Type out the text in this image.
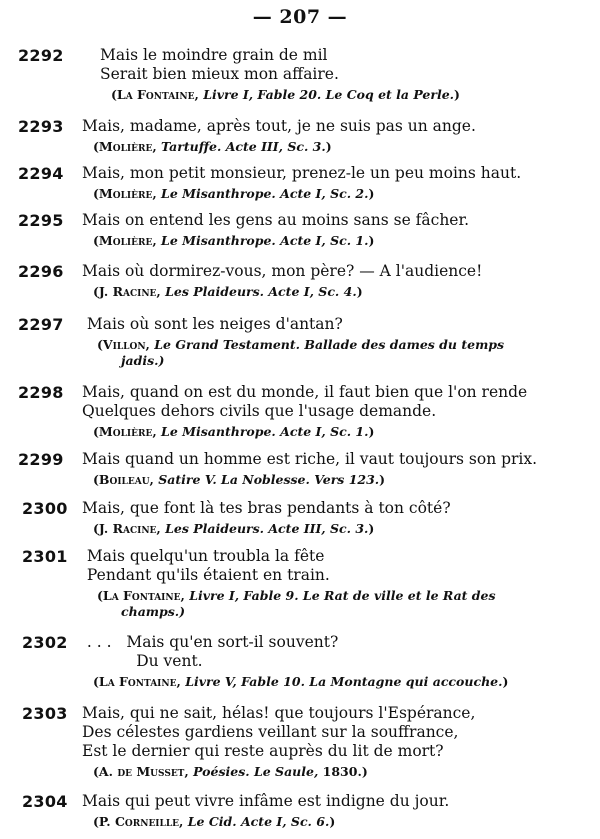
— 207 —
2292 Mais le moindre grain de mil
Serait bien mieux mon affaire.
(La Fontaine, Livre I, Fable 20. Le Coq et la Perle.)
2293 Mais, madame, après tout, je ne suis pas un ange.
(Molière, Tartuffe. Acte III, Sc. 3.)
2294 Mais, mon petit monsieur, prenez-le un peu moins haut.
(Molière, Le Misanthrope. Acte I, Sc. 2.)
2295 Mais on entend les gens au moins sans se fâcher.
(Molière, Le Misanthrope. Acte I, Sc. 1.)
2296 Mais où dormirez-vous, mon père? — A l'audience!
(J. Racine, Les Plaideurs. Acte I, Sc. 4.)
2297 Mais où sont les neiges d'antan?
(Villon, Le Grand Testament. Ballade des dames du temps
jadis.)
2298 Mais, quand on est du monde, il faut bien que l'on rende
Quelques dehors civils que l'usage demande.
(Molière, Le Misanthrope. Acte I, Sc. 1.)
2299 Mais quand un homme est riche, il vaut toujours son prix.
(Boileau, Satire V. La Noblesse. Vers 123.)
2300 Mais, que font là tes bras pendants à ton côté?
(J. Racine, Les Plaideurs. Acte III, Sc. 3.)
2301 Mais quelqu'un troubla la fête
Pendant qu'ils étaient en train.
(La Fontaine, Livre I, Fable 9. Le Rat de ville et le Rat des
champs.)
2302 . . .   Mais qu'en sort-il souvent?
Du vent.
(La Fontaine, Livre V, Fable 10. La Montagne qui accouche.)
2303 Mais, qui ne sait, hélas! que toujours l'Espérance,
Des célestes gardiens veillant sur la souffrance,
Est le dernier qui reste auprès du lit de mort?
(A. de Musset, Poésies. Le Saule, 1830.)
2304 Mais qui peut vivre infâme est indigne du jour.
(P. Corneille, Le Cid. Acte I, Sc. 6.)
